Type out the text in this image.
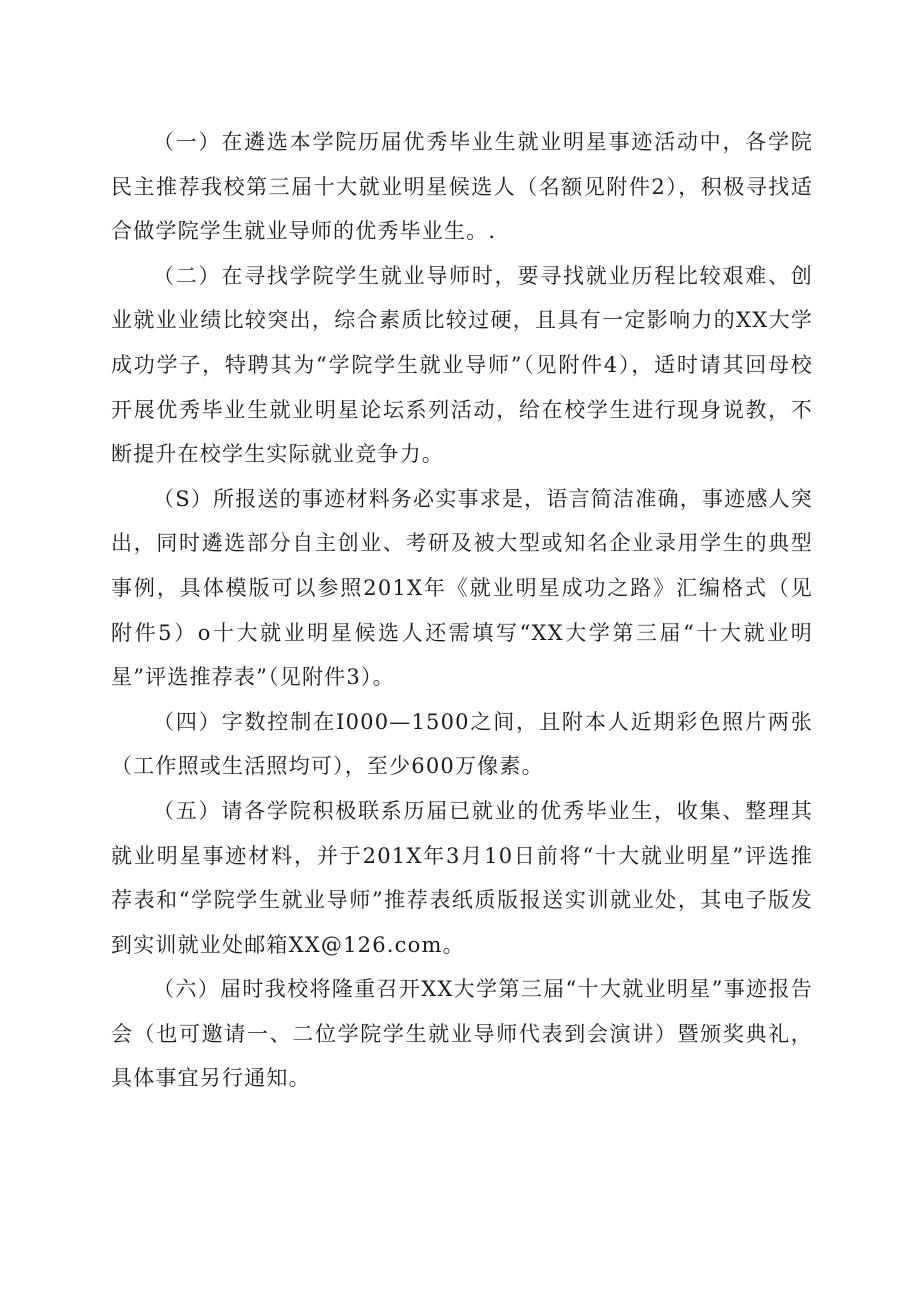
（一）在遴选本学院历届优秀毕业生就业明星事迹活动中，各学院民主推荐我校第三届十大就业明星候选人（名额见附件2），积极寻找适合做学院学生就业导师的优秀毕业生。.

（二）在寻找学院学生就业导师时，要寻找就业历程比较艰难、创业就业业绩比较突出，综合素质比较过硬，且具有一定影响力的XX大学成功学子，特聘其为“学院学生就业导师”（见附件4），适时请其回母校开展优秀毕业生就业明星论坛系列活动，给在校学生进行现身说教，不断提升在校学生实际就业竞争力。

（S）所报送的事迹材料务必实事求是，语言简洁准确，事迹感人突出，同时遴选部分自主创业、考研及被大型或知名企业录用学生的典型事例，具体模版可以参照201X年《就业明星成功之路》汇编格式（见附件5）o十大就业明星候选人还需填写“XX大学第三届“十大就业明星”评选推荐表”（见附件3）。

（四）字数控制在I000—1500之间，且附本人近期彩色照片两张（工作照或生活照均可），至少600万像素。

（五）请各学院积极联系历届已就业的优秀毕业生，收集、整理其就业明星事迹材料，并于201X年3月10日前将“十大就业明星”评选推荐表和“学院学生就业导师”推荐表纸质版报送实训就业处，其电子版发到实训就业处邮箱XX@126.com。

（六）届时我校将隆重召开XX大学第三届“十大就业明星”事迹报告会（也可邀请一、二位学院学生就业导师代表到会演讲）暨颁奖典礼，具体事宜另行通知。
